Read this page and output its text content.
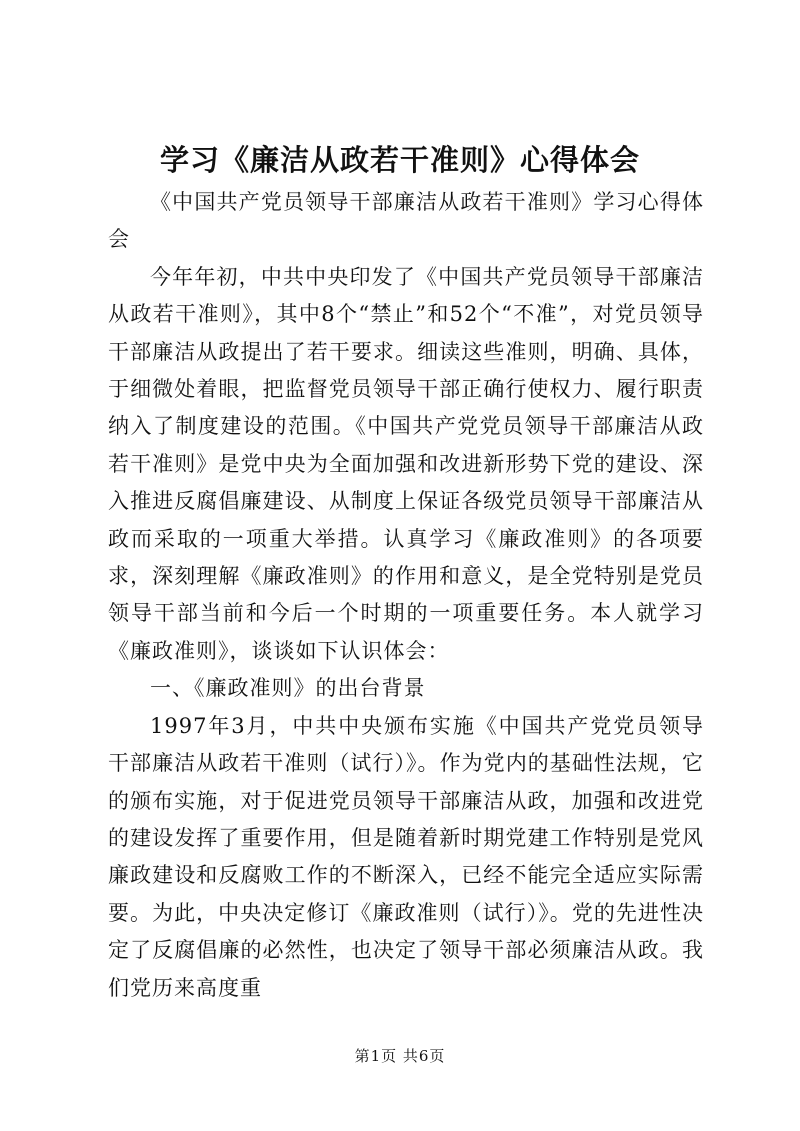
学习《廉洁从政若干准则》心得体会

《中国共产党员领导干部廉洁从政若干准则》学习心得体会

今年年初，中共中央印发了《中国共产党员领导干部廉洁从政若干准则》，其中8个“禁止”和52个“不准”，对党员领导干部廉洁从政提出了若干要求。细读这些准则，明确、具体，于细微处着眼，把监督党员领导干部正确行使权力、履行职责纳入了制度建设的范围。《中国共产党党员领导干部廉洁从政若干准则》是党中央为全面加强和改进新形势下党的建设、深入推进反腐倡廉建设、从制度上保证各级党员领导干部廉洁从政而采取的一项重大举措。认真学习《廉政准则》的各项要求，深刻理解《廉政准则》的作用和意义，是全党特别是党员领导干部当前和今后一个时期的一项重要任务。本人就学习《廉政准则》，谈谈如下认识体会：

一、《廉政准则》的出台背景

1997年3月，中共中央颁布实施《中国共产党党员领导干部廉洁从政若干准则（试行）》。作为党内的基础性法规，它的颁布实施，对于促进党员领导干部廉洁从政，加强和改进党的建设发挥了重要作用，但是随着新时期党建工作特别是党风廉政建设和反腐败工作的不断深入，已经不能完全适应实际需要。为此，中央决定修订《廉政准则（试行）》。党的先进性决定了反腐倡廉的必然性，也决定了领导干部必须廉洁从政。我们党历来高度重

第1页 共6页
